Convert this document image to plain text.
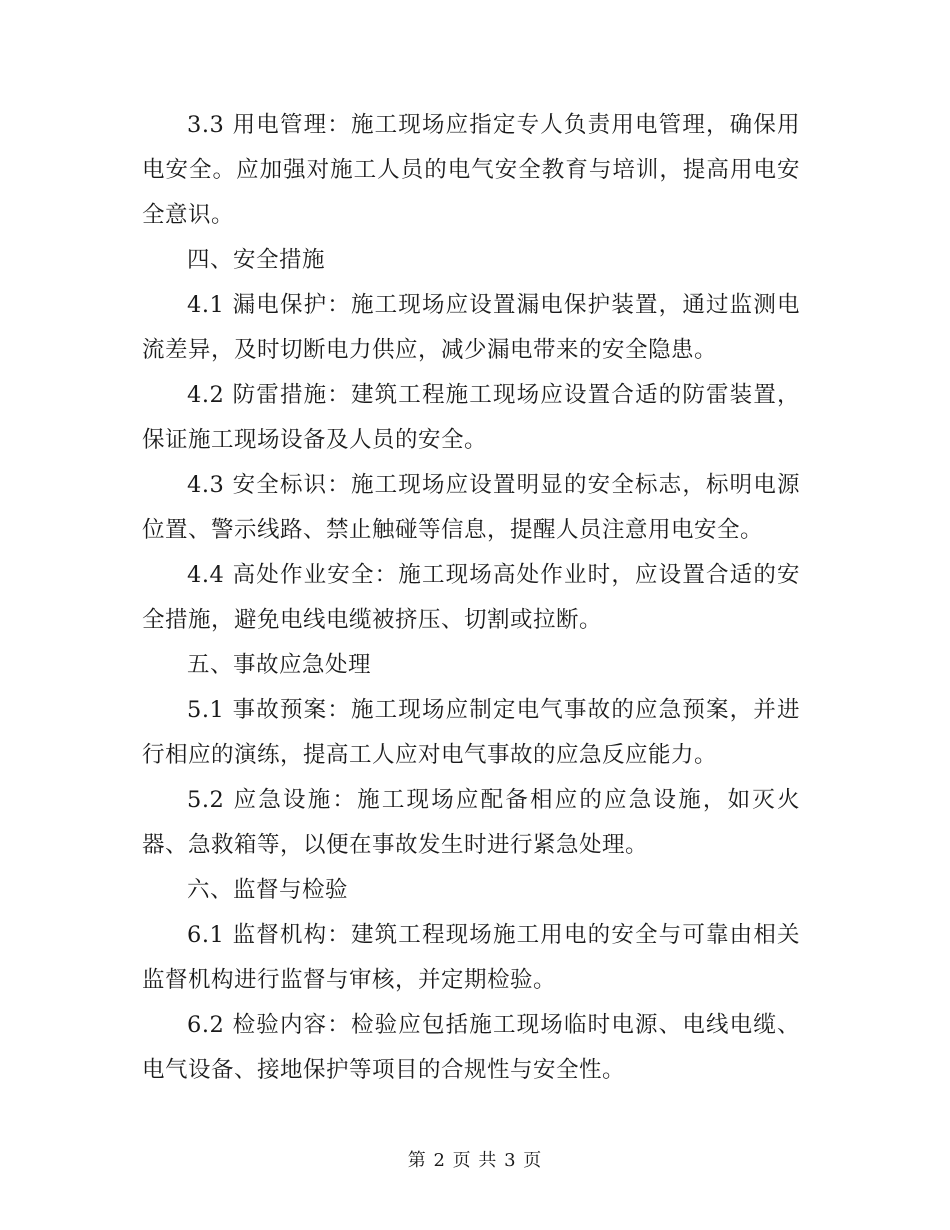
3.3 用电管理：施工现场应指定专人负责用电管理，确保用电安全。应加强对施工人员的电气安全教育与培训，提高用电安全意识。

四、安全措施

4.1 漏电保护：施工现场应设置漏电保护装置，通过监测电流差异，及时切断电力供应，减少漏电带来的安全隐患。

4.2 防雷措施：建筑工程施工现场应设置合适的防雷装置，保证施工现场设备及人员的安全。

4.3 安全标识：施工现场应设置明显的安全标志，标明电源位置、警示线路、禁止触碰等信息，提醒人员注意用电安全。

4.4 高处作业安全：施工现场高处作业时，应设置合适的安全措施，避免电线电缆被挤压、切割或拉断。

五、事故应急处理

5.1 事故预案：施工现场应制定电气事故的应急预案，并进行相应的演练，提高工人应对电气事故的应急反应能力。

5.2 应急设施：施工现场应配备相应的应急设施，如灭火器、急救箱等，以便在事故发生时进行紧急处理。

六、监督与检验

6.1 监督机构：建筑工程现场施工用电的安全与可靠由相关监督机构进行监督与审核，并定期检验。

6.2 检验内容：检验应包括施工现场临时电源、电线电缆、电气设备、接地保护等项目的合规性与安全性。

第 2 页 共 3 页
